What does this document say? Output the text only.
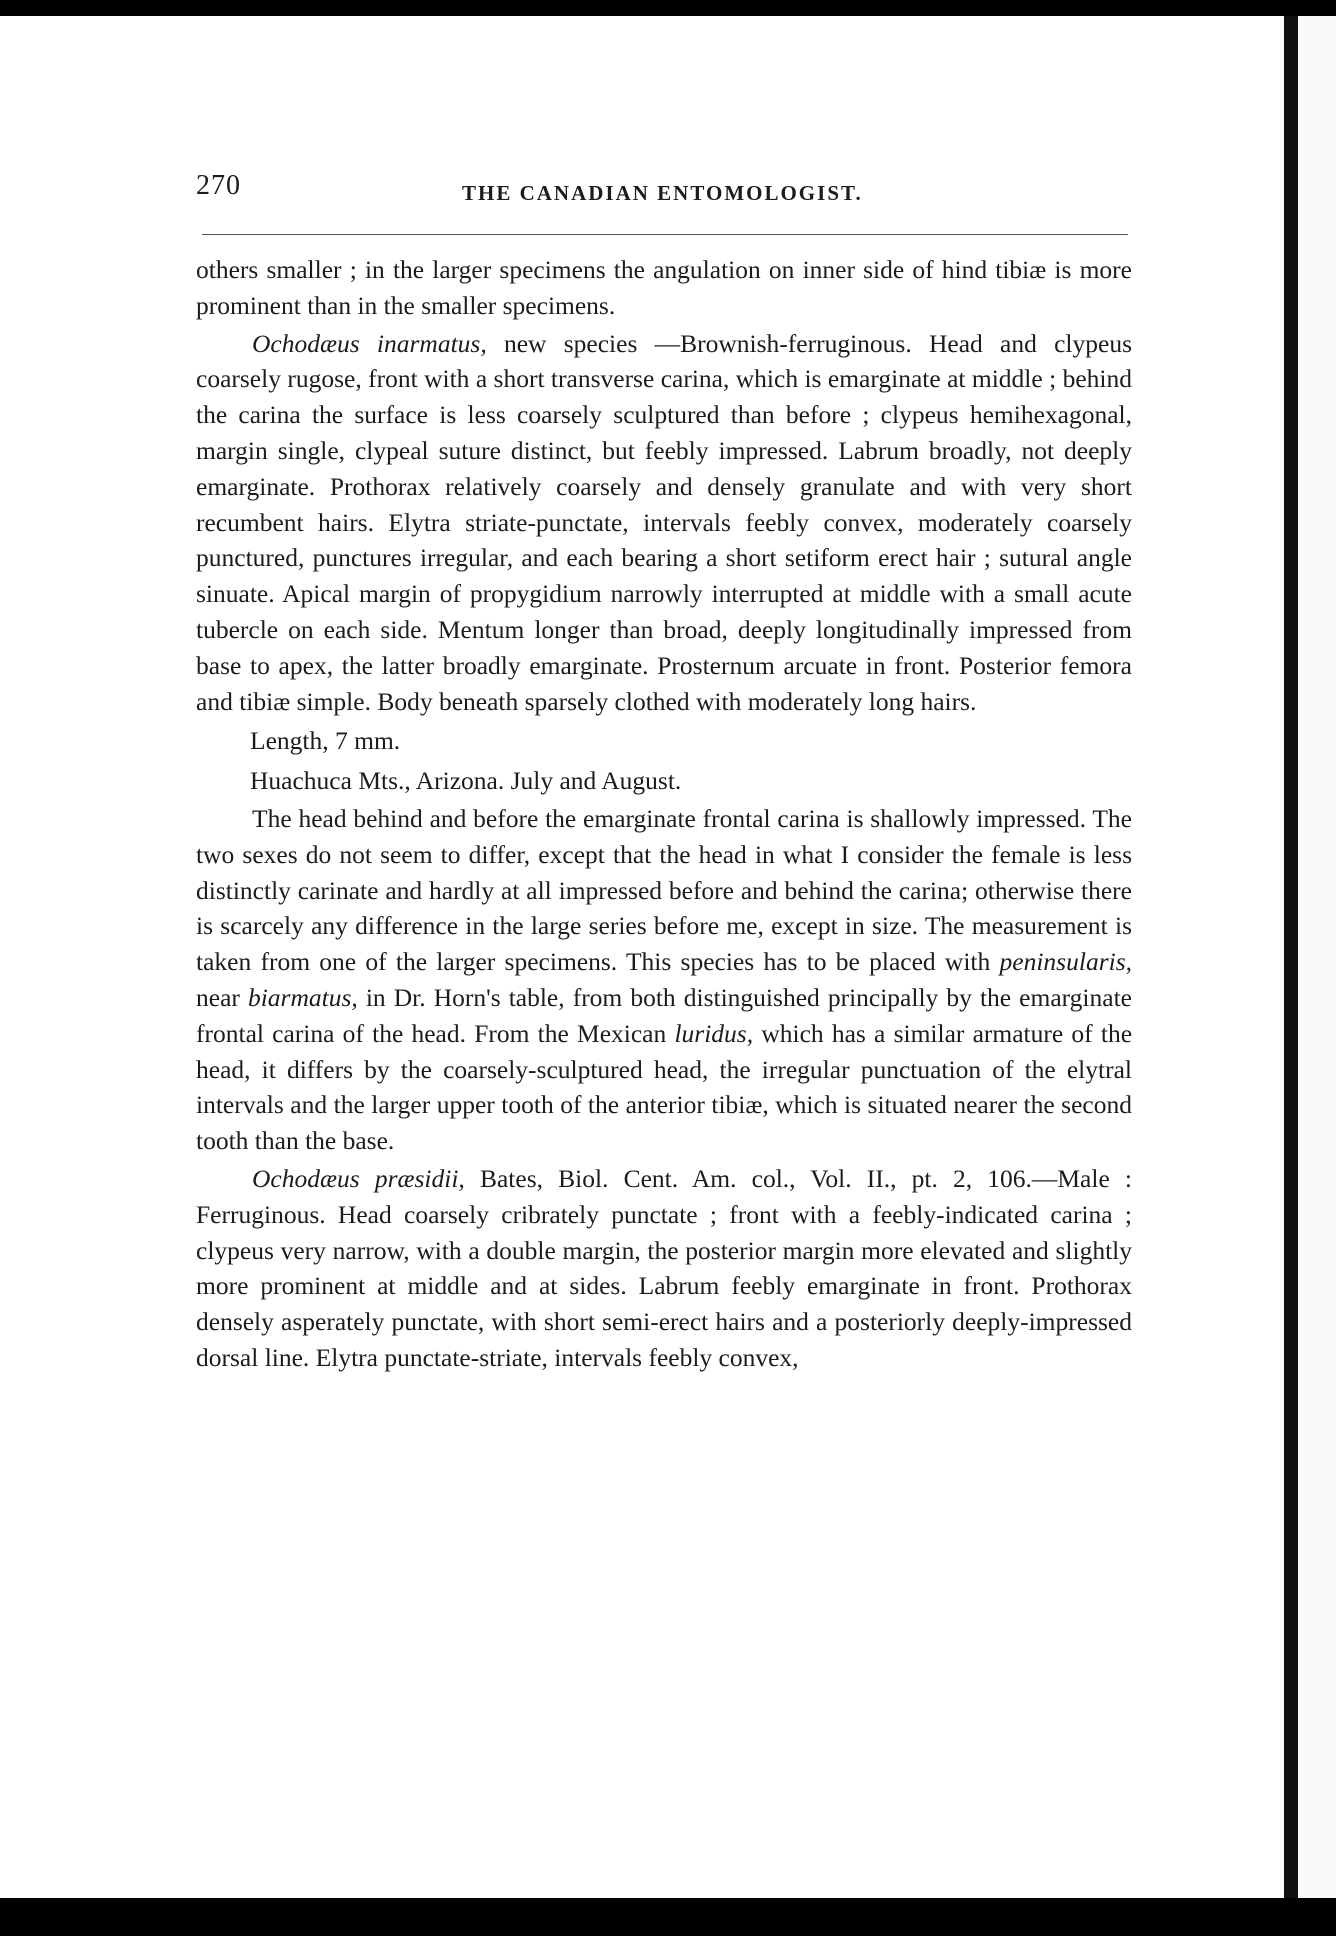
270	THE CANADIAN ENTOMOLOGIST.

others smaller ; in the larger specimens the angulation on inner side of hind tibiæ is more prominent than in the smaller specimens.

Ochodæus inarmatus, new species —Brownish-ferruginous. Head and clypeus coarsely rugose, front with a short transverse carina, which is emarginate at middle ; behind the carina the surface is less coarsely sculptured than before ; clypeus hemihexagonal, margin single, clypeal suture distinct, but feebly impressed. Labrum broadly, not deeply emarginate. Prothorax relatively coarsely and densely granulate and with very short recumbent hairs. Elytra striate-punctate, intervals feebly convex, moderately coarsely punctured, punctures irregular, and each bearing a short setiform erect hair ; sutural angle sinuate. Apical margin of propygidium narrowly interrupted at middle with a small acute tubercle on each side. Mentum longer than broad, deeply longitudinally impressed from base to apex, the latter broadly emarginate. Prosternum arcuate in front. Posterior femora and tibiæ simple. Body beneath sparsely clothed with moderately long hairs.

Length, 7 mm.

Huachuca Mts., Arizona. July and August.

The head behind and before the emarginate frontal carina is shallowly impressed. The two sexes do not seem to differ, except that the head in what I consider the female is less distinctly carinate and hardly at all impressed before and behind the carina; otherwise there is scarcely any difference in the large series before me, except in size. The measurement is taken from one of the larger specimens. This species has to be placed with peninsularis, near biarmatus, in Dr. Horn's table, from both distinguished principally by the emarginate frontal carina of the head. From the Mexican luridus, which has a similar armature of the head, it differs by the coarsely-sculptured head, the irregular punctuation of the elytral intervals and the larger upper tooth of the anterior tibiæ, which is situated nearer the second tooth than the base.

Ochodæus præsidii, Bates, Biol. Cent. Am. col., Vol. II., pt. 2, 106.—Male : Ferruginous. Head coarsely cribrately punctate ; front with a feebly-indicated carina ; clypeus very narrow, with a double margin, the posterior margin more elevated and slightly more prominent at middle and at sides. Labrum feebly emarginate in front. Prothorax densely asperately punctate, with short semi-erect hairs and a posteriorly deeply-impressed dorsal line. Elytra punctate-striate, intervals feebly convex,
